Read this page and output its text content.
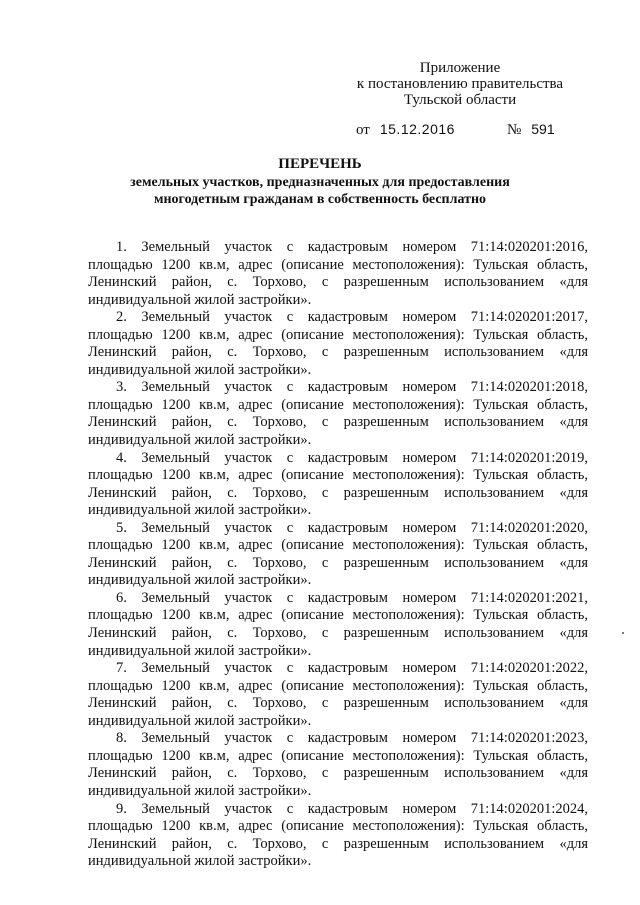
Приложение
к постановлению правительства
Тульской области
от 15.12.2016	№ 591
ПЕРЕЧЕНЬ
земельных участков, предназначенных для предоставления
многодетным гражданам в собственность бесплатно

1. Земельный участок с кадастровым номером 71:14:020201:2016, площадью 1200 кв.м, адрес (описание местоположения): Тульская область, Ленинский район, с. Торхово, с разрешенным использованием «для индивидуальной жилой застройки».

2. Земельный участок с кадастровым номером 71:14:020201:2017, площадью 1200 кв.м, адрес (описание местоположения): Тульская область, Ленинский район, с. Торхово, с разрешенным использованием «для индивидуальной жилой застройки».

3. Земельный участок с кадастровым номером 71:14:020201:2018, площадью 1200 кв.м, адрес (описание местоположения): Тульская область, Ленинский район, с. Торхово, с разрешенным использованием «для индивидуальной жилой застройки».

4. Земельный участок с кадастровым номером 71:14:020201:2019, площадью 1200 кв.м, адрес (описание местоположения): Тульская область, Ленинский район, с. Торхово, с разрешенным использованием «для индивидуальной жилой застройки».

5. Земельный участок с кадастровым номером 71:14:020201:2020, площадью 1200 кв.м, адрес (описание местоположения): Тульская область, Ленинский район, с. Торхово, с разрешенным использованием «для индивидуальной жилой застройки».

6. Земельный участок с кадастровым номером 71:14:020201:2021, площадью 1200 кв.м, адрес (описание местоположения): Тульская область, Ленинский район, с. Торхово, с разрешенным использованием «для индивидуальной жилой застройки».

7. Земельный участок с кадастровым номером 71:14:020201:2022, площадью 1200 кв.м, адрес (описание местоположения): Тульская область, Ленинский район, с. Торхово, с разрешенным использованием «для индивидуальной жилой застройки».

8. Земельный участок с кадастровым номером 71:14:020201:2023, площадью 1200 кв.м, адрес (описание местоположения): Тульская область, Ленинский район, с. Торхово, с разрешенным использованием «для индивидуальной жилой застройки».

9. Земельный участок с кадастровым номером 71:14:020201:2024, площадью 1200 кв.м, адрес (описание местоположения): Тульская область, Ленинский район, с. Торхово, с разрешенным использованием «для индивидуальной жилой застройки».
